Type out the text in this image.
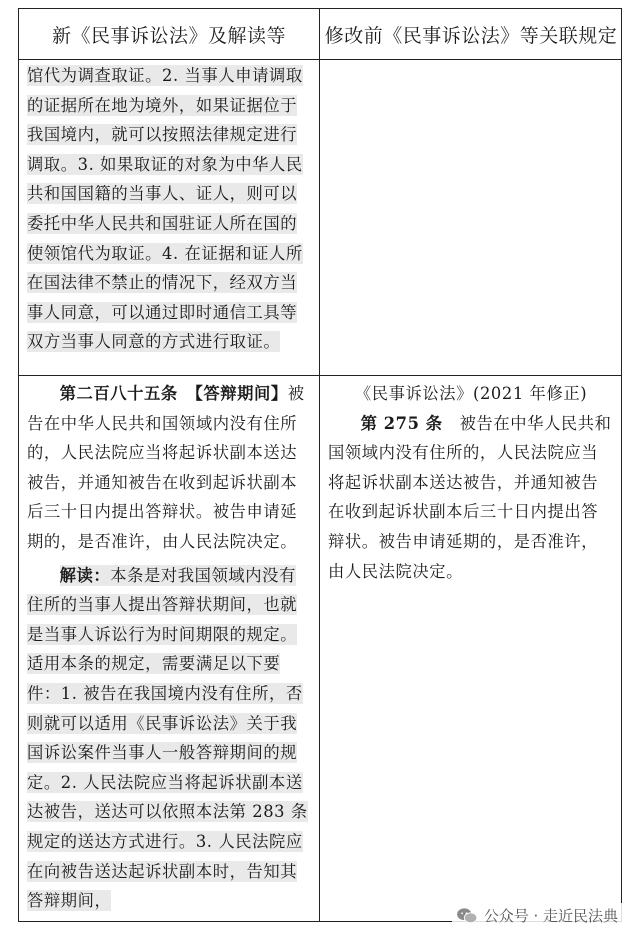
新《民事诉讼法》及解读等	修改前《民事诉讼法》等关联规定
馆代为调查取证。2. 当事人申请调取的证据所在地为境外，如果证据位于我国境内，就可以按照法律规定进行调取。3. 如果取证的对象为中华人民共和国国籍的当事人、证人，则可以委托中华人民共和国驻证人所在国的使领馆代为取证。4. 在证据和证人所在国法律不禁止的情况下，经双方当事人同意，可以通过即时通信工具等双方当事人同意的方式进行取证。
第二百八十五条　【答辩期间】被告在中华人民共和国领域内没有住所的，人民法院应当将起诉状副本送达被告，并通知被告在收到起诉状副本后三十日内提出答辩状。被告申请延期的，是否准许，由人民法院决定。
解读：本条是对我国领域内没有住所的当事人提出答辩状期间，也就是当事人诉讼行为时间期限的规定。适用本条的规定，需要满足以下要件：1. 被告在我国境内没有住所，否则就可以适用《民事诉讼法》关于我国诉讼案件当事人一般答辩期间的规定。2. 人民法院应当将起诉状副本送达被告，送达可以依照本法第 283 条规定的送达方式进行。3. 人民法院应在向被告送达起诉状副本时，告知其答辩期间，
《民事诉讼法》(2021 年修正)
第 275 条　 被告在中华人民共和国领域内没有住所的，人民法院应当将起诉状副本送达被告，并通知被告在收到起诉状副本后三十日内提出答辩状。被告申请延期的，是否准许，由人民法院决定。
公众号 · 走近民法典
